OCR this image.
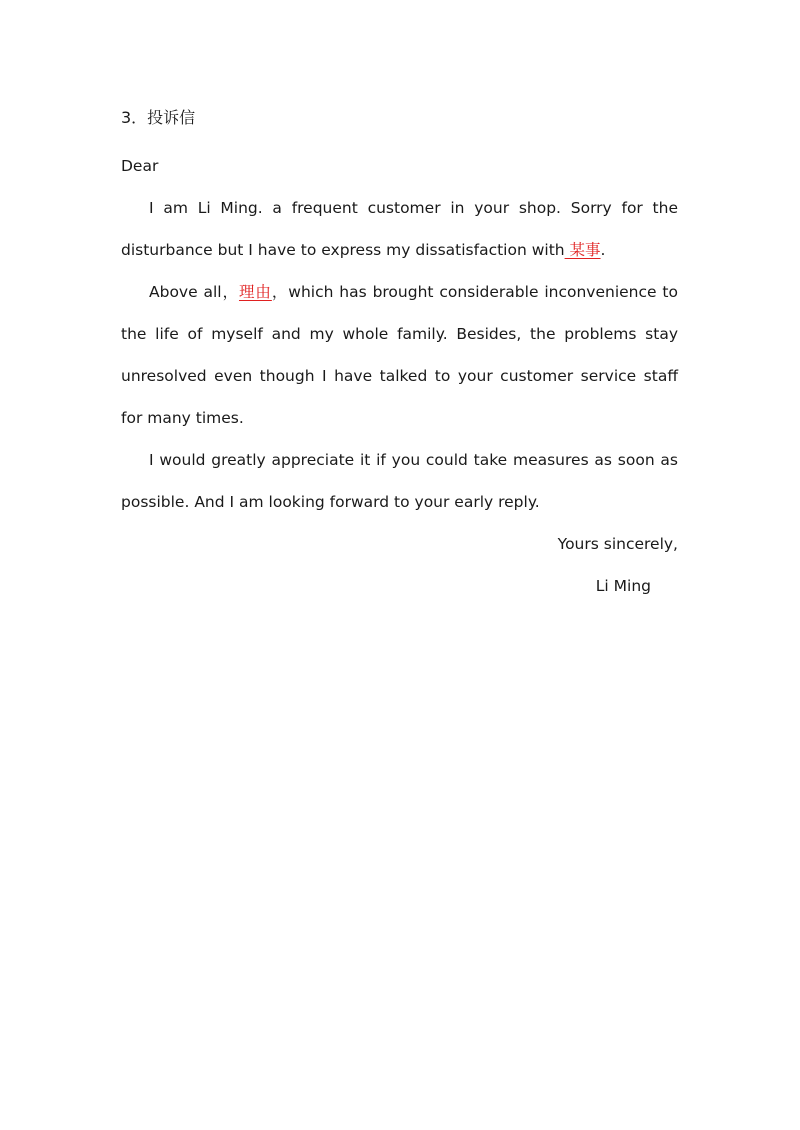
3．投诉信

Dear

I am Li Ming. a frequent customer in your shop. Sorry for the disturbance but I have to express my dissatisfaction with 某事.

Above all，理由，which has brought considerable inconvenience to the life of myself and my whole family. Besides, the problems stay unresolved even though I have talked to your customer service staff for many times.

I would greatly appreciate it if you could take measures as soon as possible. And I am looking forward to your early reply.

Yours sincerely,

Li Ming
